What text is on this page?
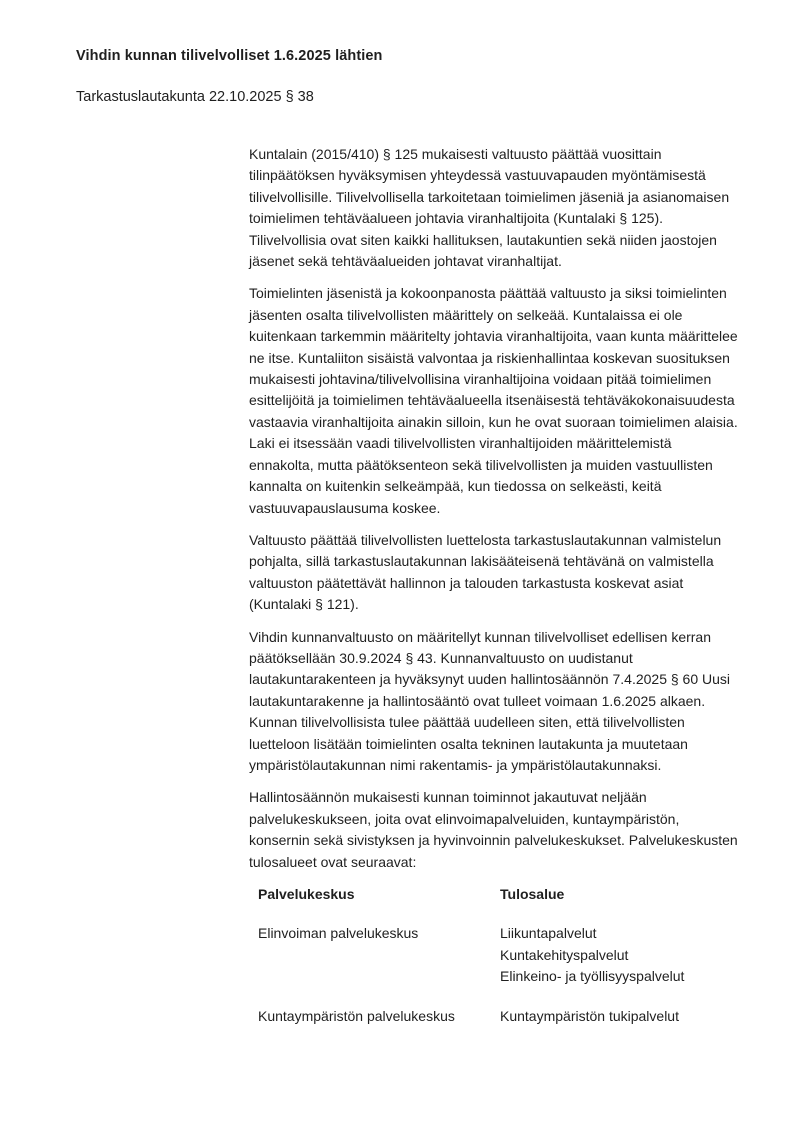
Vihdin kunnan tilivelvolliset 1.6.2025 lähtien
Tarkastuslautakunta 22.10.2025 § 38

Kuntalain (2015/410) § 125 mukaisesti valtuusto päättää vuosittain tilinpäätöksen hyväksymisen yhteydessä vastuuvapauden myöntämisestä tilivelvollisille. Tilivelvollisella tarkoitetaan toimielimen jäseniä ja asianomaisen toimielimen tehtäväalueen johtavia viranhaltijoita (Kuntalaki § 125). Tilivelvollisia ovat siten kaikki hallituksen, lautakuntien sekä niiden jaostojen jäsenet sekä tehtäväalueiden johtavat viranhaltijat.

Toimielinten jäsenistä ja kokoonpanosta päättää valtuusto ja siksi toimielinten jäsenten osalta tilivelvollisten määrittely on selkeää. Kuntalaissa ei ole kuitenkaan tarkemmin määritelty johtavia viranhaltijoita, vaan kunta määrittelee ne itse. Kuntaliiton sisäistä valvontaa ja riskienhallintaa koskevan suosituksen mukaisesti johtavina/tilivelvollisina viranhaltijoina voidaan pitää toimielimen esittelijöitä ja toimielimen tehtäväalueella itsenäisestä tehtäväkokonaisuudesta vastaavia viranhaltijoita ainakin silloin, kun he ovat suoraan toimielimen alaisia. Laki ei itsessään vaadi tilivelvollisten viranhaltijoiden määrittelemistä ennakolta, mutta päätöksenteon sekä tilivelvollisten ja muiden vastuullisten kannalta on kuitenkin selkeämpää, kun tiedossa on selkeästi, keitä vastuuvapauslausuma koskee.

Valtuusto päättää tilivelvollisten luettelosta tarkastuslautakunnan valmistelun pohjalta, sillä tarkastuslautakunnan lakisääteisenä tehtävänä on valmistella valtuuston päätettävät hallinnon ja talouden tarkastusta koskevat asiat (Kuntalaki § 121).

Vihdin kunnanvaltuusto on määritellyt kunnan tilivelvolliset edellisen kerran päätöksellään 30.9.2024 § 43. Kunnanvaltuusto on uudistanut lautakuntarakenteen ja hyväksynyt uuden hallintosäännön 7.4.2025 § 60 Uusi lautakuntarakenne ja hallintosääntö ovat tulleet voimaan 1.6.2025 alkaen. Kunnan tilivelvollisista tulee päättää uudelleen siten, että tilivelvollisten luetteloon lisätään toimielinten osalta tekninen lautakunta ja muutetaan ympäristölautakunnan nimi rakentamis- ja ympäristölautakunnaksi.

Hallintosäännön mukaisesti kunnan toiminnot jakautuvat neljään palvelukeskukseen, joita ovat elinvoimapalveluiden, kuntaympäristön, konsernin sekä sivistyksen ja hyvinvoinnin palvelukeskukset. Palvelukeskusten tulosalueet ovat seuraavat:

Palvelukeskus	Tulosalue
Elinvoiman palvelukeskus	Liikuntapalvelut
Kuntakehityspalvelut
Elinkeino- ja työllisyyspalvelut
Kuntaympäristön palvelukeskus	Kuntaympäristön tukipalvelut
